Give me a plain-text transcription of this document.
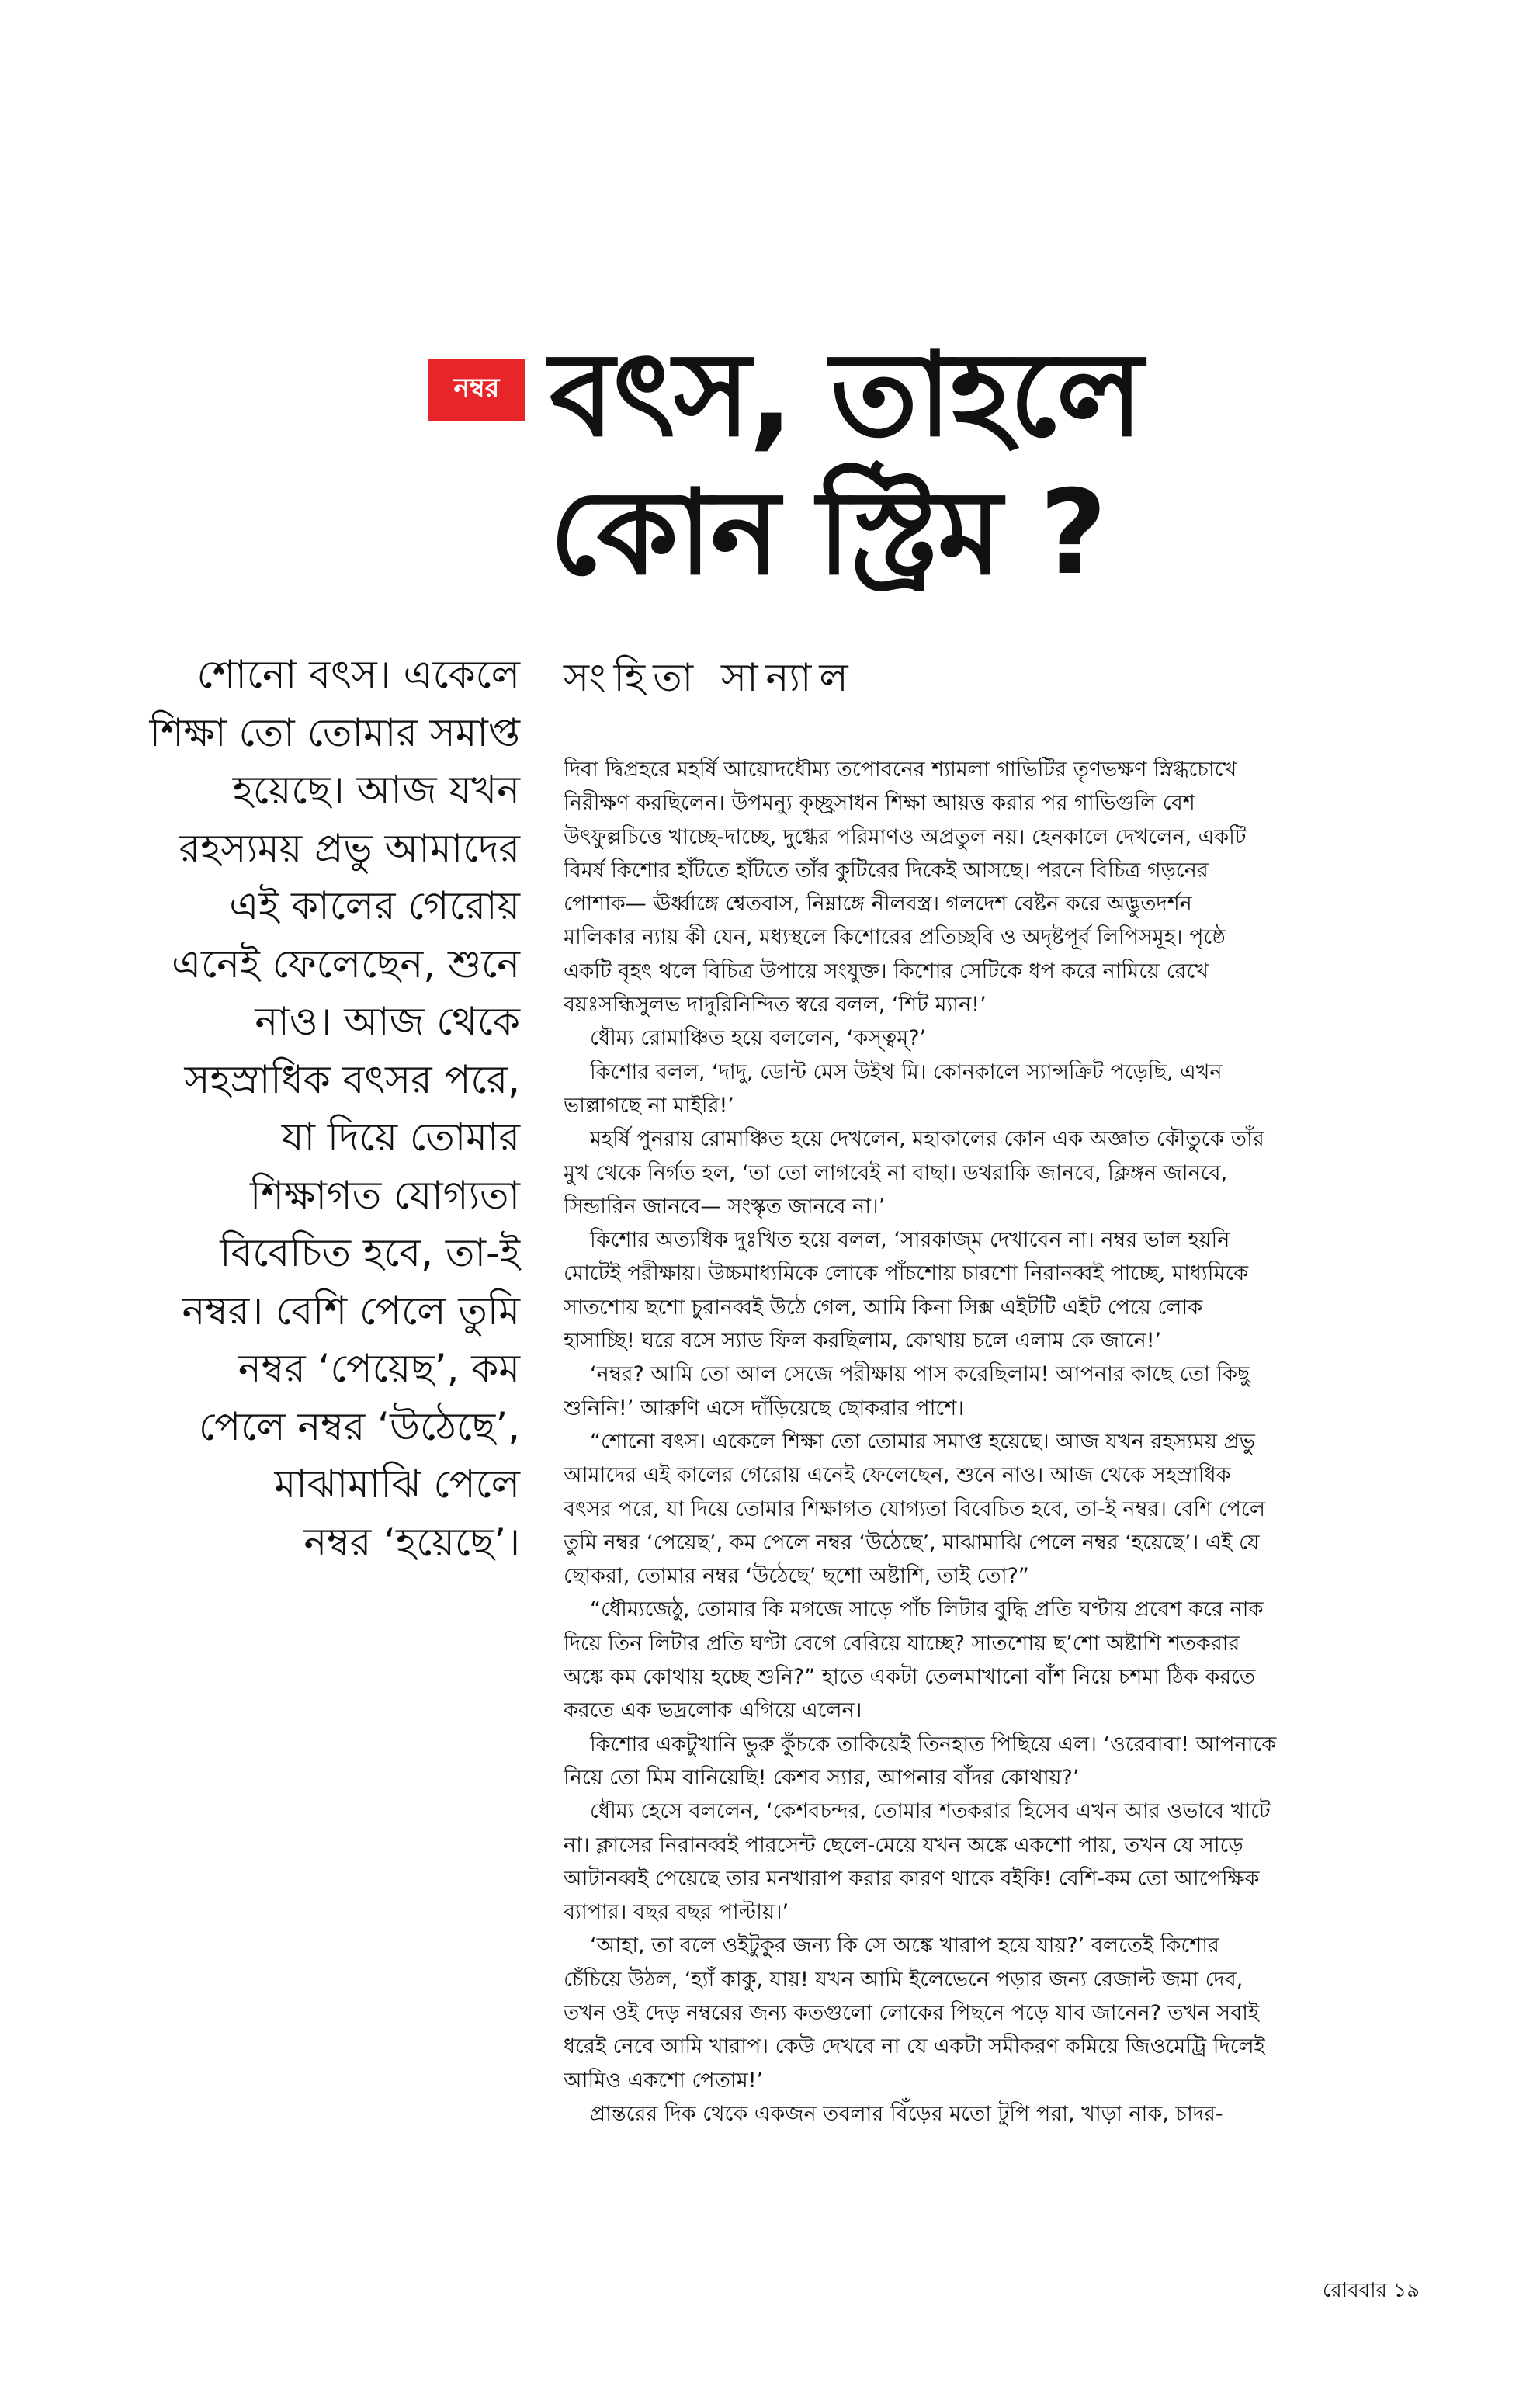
নম্বর বৎস, তাহলে
কোন স্ট্রিম ?
শোনো বৎস। একেলে
শিক্ষা তো তোমার সমাপ্ত
হয়েছে। আজ যখন
রহস্যময় প্রভু আমাদের
এই কালের গেরোয়
এনেই ফেলেছেন, শুনে
নাও। আজ থেকে
সহস্রাধিক বৎসর পরে,
যা দিয়ে তোমার
শিক্ষাগত যোগ্যতা
বিবেচিত হবে, তা-ই
নম্বর। বেশি পেলে তুমি
নম্বর ‘পেয়েছ’, কম
পেলে নম্বর ‘উঠেছে’,
মাঝামাঝি পেলে
নম্বর ‘হয়েছে’।
সংহিতা সান্যাল

দিবা দ্বিপ্রহরে মহর্ষি আয়োদধৌম্য তপোবনের শ্যামলা গাভিটির তৃণভক্ষণ স্নিগ্ধচোখে
নিরীক্ষণ করছিলেন। উপমন্যু কৃচ্ছ্রসাধন শিক্ষা আয়ত্ত করার পর গাভিগুলি বেশ
উৎফুল্লচিত্তে খাচ্ছে-দাচ্ছে, দুগ্ধের পরিমাণও অপ্রতুল নয়। হেনকালে দেখলেন, একটি
বিমর্ষ কিশোর হাঁটতে হাঁটতে তাঁর কুটিরের দিকেই আসছে। পরনে বিচিত্র গড়নের
পোশাক— ঊর্ধ্বাঙ্গে শ্বেতবাস, নিম্নাঙ্গে নীলবস্ত্র। গলদেশ বেষ্টন করে অদ্ভুতদর্শন
মালিকার ন্যায় কী যেন, মধ্যস্থলে কিশোরের প্রতিচ্ছবি ও অদৃষ্টপূর্ব লিপিসমূহ। পৃষ্ঠে
একটি বৃহৎ থলে বিচিত্র উপায়ে সংযুক্ত। কিশোর সেটিকে ধপ করে নামিয়ে রেখে
বয়ঃসন্ধিসুলভ দাদুরিনিন্দিত স্বরে বলল, ‘শিট ম্যান!’

ধৌম্য রোমাঞ্চিত হয়ে বললেন, ‘কস্ত্বম্?’

কিশোর বলল, ‘দাদু, ডোন্ট মেস উইথ মি। কোনকালে স্যান্সক্রিট পড়েছি, এখন
ভাল্লাগছে না মাইরি!’

মহর্ষি পুনরায় রোমাঞ্চিত হয়ে দেখলেন, মহাকালের কোন এক অজ্ঞাত কৌতুকে তাঁর
মুখ থেকে নির্গত হল, ‘তা তো লাগবেই না বাছা। ডথরাকি জানবে, ক্লিঙ্গন জানবে,
সিন্ডারিন জানবে— সংস্কৃত জানবে না।’

কিশোর অত্যধিক দুঃখিত হয়ে বলল, ‘সারকাজ্‌ম দেখাবেন না। নম্বর ভাল হয়নি
মোটেই পরীক্ষায়। উচ্চমাধ্যমিকে লোকে পাঁচশোয় চারশো নিরানব্বই পাচ্ছে, মাধ্যমিকে
সাতশোয় ছশো চুরানব্বই উঠে গেল, আমি কিনা সিক্স এইটটি এইট পেয়ে লোক
হাসাচ্ছি! ঘরে বসে স্যাড ফিল করছিলাম, কোথায় চলে এলাম কে জানে!’

‘নম্বর? আমি তো আল সেজে পরীক্ষায় পাস করেছিলাম! আপনার কাছে তো কিছু
শুনিনি!’ আরুণি এসে দাঁড়িয়েছে ছোকরার পাশে।

“শোনো বৎস। একেলে শিক্ষা তো তোমার সমাপ্ত হয়েছে। আজ যখন রহস্যময় প্রভু
আমাদের এই কালের গেরোয় এনেই ফেলেছেন, শুনে নাও। আজ থেকে সহস্রাধিক
বৎসর পরে, যা দিয়ে তোমার শিক্ষাগত যোগ্যতা বিবেচিত হবে, তা-ই নম্বর। বেশি পেলে
তুমি নম্বর ‘পেয়েছ’, কম পেলে নম্বর ‘উঠেছে’, মাঝামাঝি পেলে নম্বর ‘হয়েছে’। এই যে
ছোকরা, তোমার নম্বর ‘উঠেছে’ ছশো অষ্টাশি, তাই তো?”

“ধৌম্যজেঠু, তোমার কি মগজে সাড়ে পাঁচ লিটার বুদ্ধি প্রতি ঘণ্টায় প্রবেশ করে নাক
দিয়ে তিন লিটার প্রতি ঘণ্টা বেগে বেরিয়ে যাচ্ছে? সাতশোয় ছ’শো অষ্টাশি শতকরার
অঙ্কে কম কোথায় হচ্ছে শুনি?” হাতে একটা তেলমাখানো বাঁশ নিয়ে চশমা ঠিক করতে
করতে এক ভদ্রলোক এগিয়ে এলেন।

কিশোর একটুখানি ভুরু কুঁচকে তাকিয়েই তিনহাত পিছিয়ে এল। ‘ওরেবাবা! আপনাকে
নিয়ে তো মিম বানিয়েছি! কেশব স্যার, আপনার বাঁদর কোথায়?’

ধৌম্য হেসে বললেন, ‘কেশবচন্দর, তোমার শতকরার হিসেব এখন আর ওভাবে খাটে
না। ক্লাসের নিরানব্বই পারসেন্ট ছেলে-মেয়ে যখন অঙ্কে একশো পায়, তখন যে সাড়ে
আটানব্বই পেয়েছে তার মনখারাপ করার কারণ থাকে বইকি! বেশি-কম তো আপেক্ষিক
ব্যাপার। বছর বছর পাল্টায়।’

‘আহা, তা বলে ওইটুকুর জন্য কি সে অঙ্কে খারাপ হয়ে যায়?’ বলতেই কিশোর
চেঁচিয়ে উঠল, ‘হ্যাঁ কাকু, যায়! যখন আমি ইলেভেনে পড়ার জন্য রেজাল্ট জমা দেব,
তখন ওই দেড় নম্বরের জন্য কতগুলো লোকের পিছনে পড়ে যাব জানেন? তখন সবাই
ধরেই নেবে আমি খারাপ। কেউ দেখবে না যে একটা সমীকরণ কমিয়ে জিওমেট্রি দিলেই
আমিও একশো পেতাম!’

প্রান্তরের দিক থেকে একজন তবলার বিঁড়ের মতো টুপি পরা, খাড়া নাক, চাদর-

রোববার ১৯
